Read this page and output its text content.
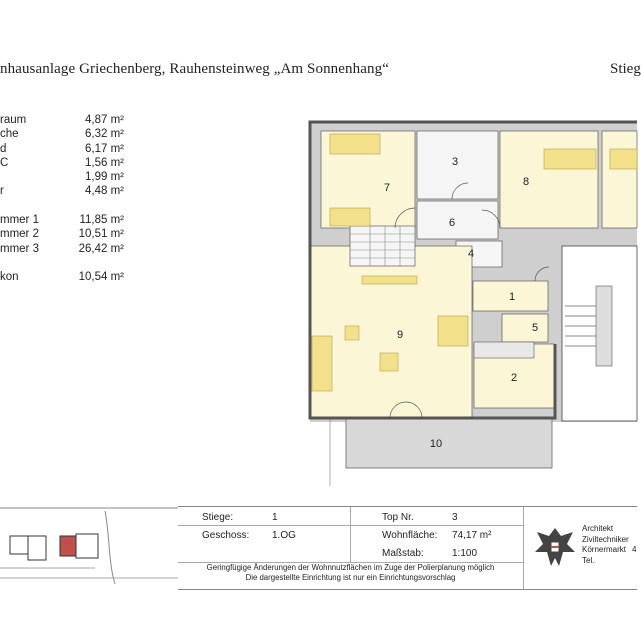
nhausanlage Griechenberg, Rauhensteinweg „Am Sonnenhang“	Stieg
raum	4,87 m²
che	6,32 m²
d	6,17 m²
C	1,56 m²
1,99 m²
r	4,48 m²
mmer 1	11,85 m²
mmer 2	10,51 m²
mmer 3	26,42 m²
kon	10,54 m²
7
3
8
6
4
1
5
9
2
10
Stiege:	1	Top Nr.	3
Geschoss: 1.OG	Wohnfläche: 74,17 m²
Maßstab:	1:100
Geringfügige Änderungen der Wohnnutzflächen im Zuge der Polierplanung möglich
Die dargestellte Einrichtung ist nur ein Einrichtungsvorschlag
Architekt
Ziviltechniker
Körnermarkt
Tel.
4
